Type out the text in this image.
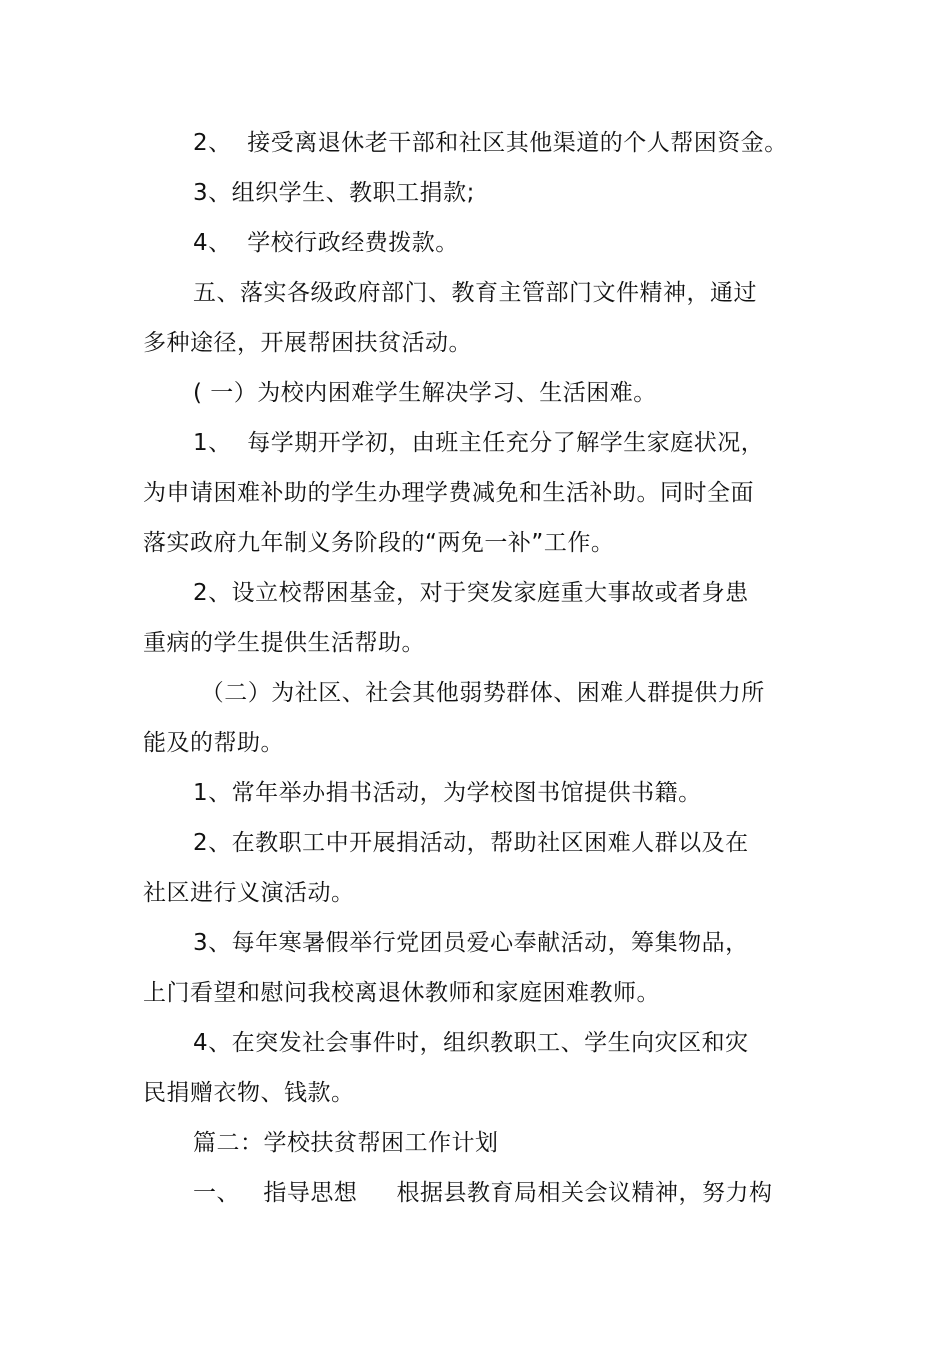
2、  接受离退休老干部和社区其他渠道的个人帮困资金。
3、组织学生、教职工捐款;
4、  学校行政经费拨款。
五、落实各级政府部门、教育主管部门文件精神，通过
多种途径，开展帮困扶贫活动。
( 一）为校内困难学生解决学习、生活困难。
1、  每学期开学初，由班主任充分了解学生家庭状况，
为申请困难补助的学生办理学费减免和生活补助。同时全面
落实政府九年制义务阶段的“两免一补”工作。
2、设立校帮困基金，对于突发家庭重大事故或者身患
重病的学生提供生活帮助。
（二）为社区、社会其他弱势群体、困难人群提供力所
能及的帮助。
1、常年举办捐书活动，为学校图书馆提供书籍。
2、在教职工中开展捐活动，帮助社区困难人群以及在
社区进行义演活动。
3、每年寒暑假举行党团员爱心奉献活动，筹集物品，
上门看望和慰问我校离退休教师和家庭困难教师。
4、在突发社会事件时，组织教职工、学生向灾区和灾
民捐赠衣物、钱款。
篇二：学校扶贫帮困工作计划
一、   指导思想     根据县教育局相关会议精神，努力构
